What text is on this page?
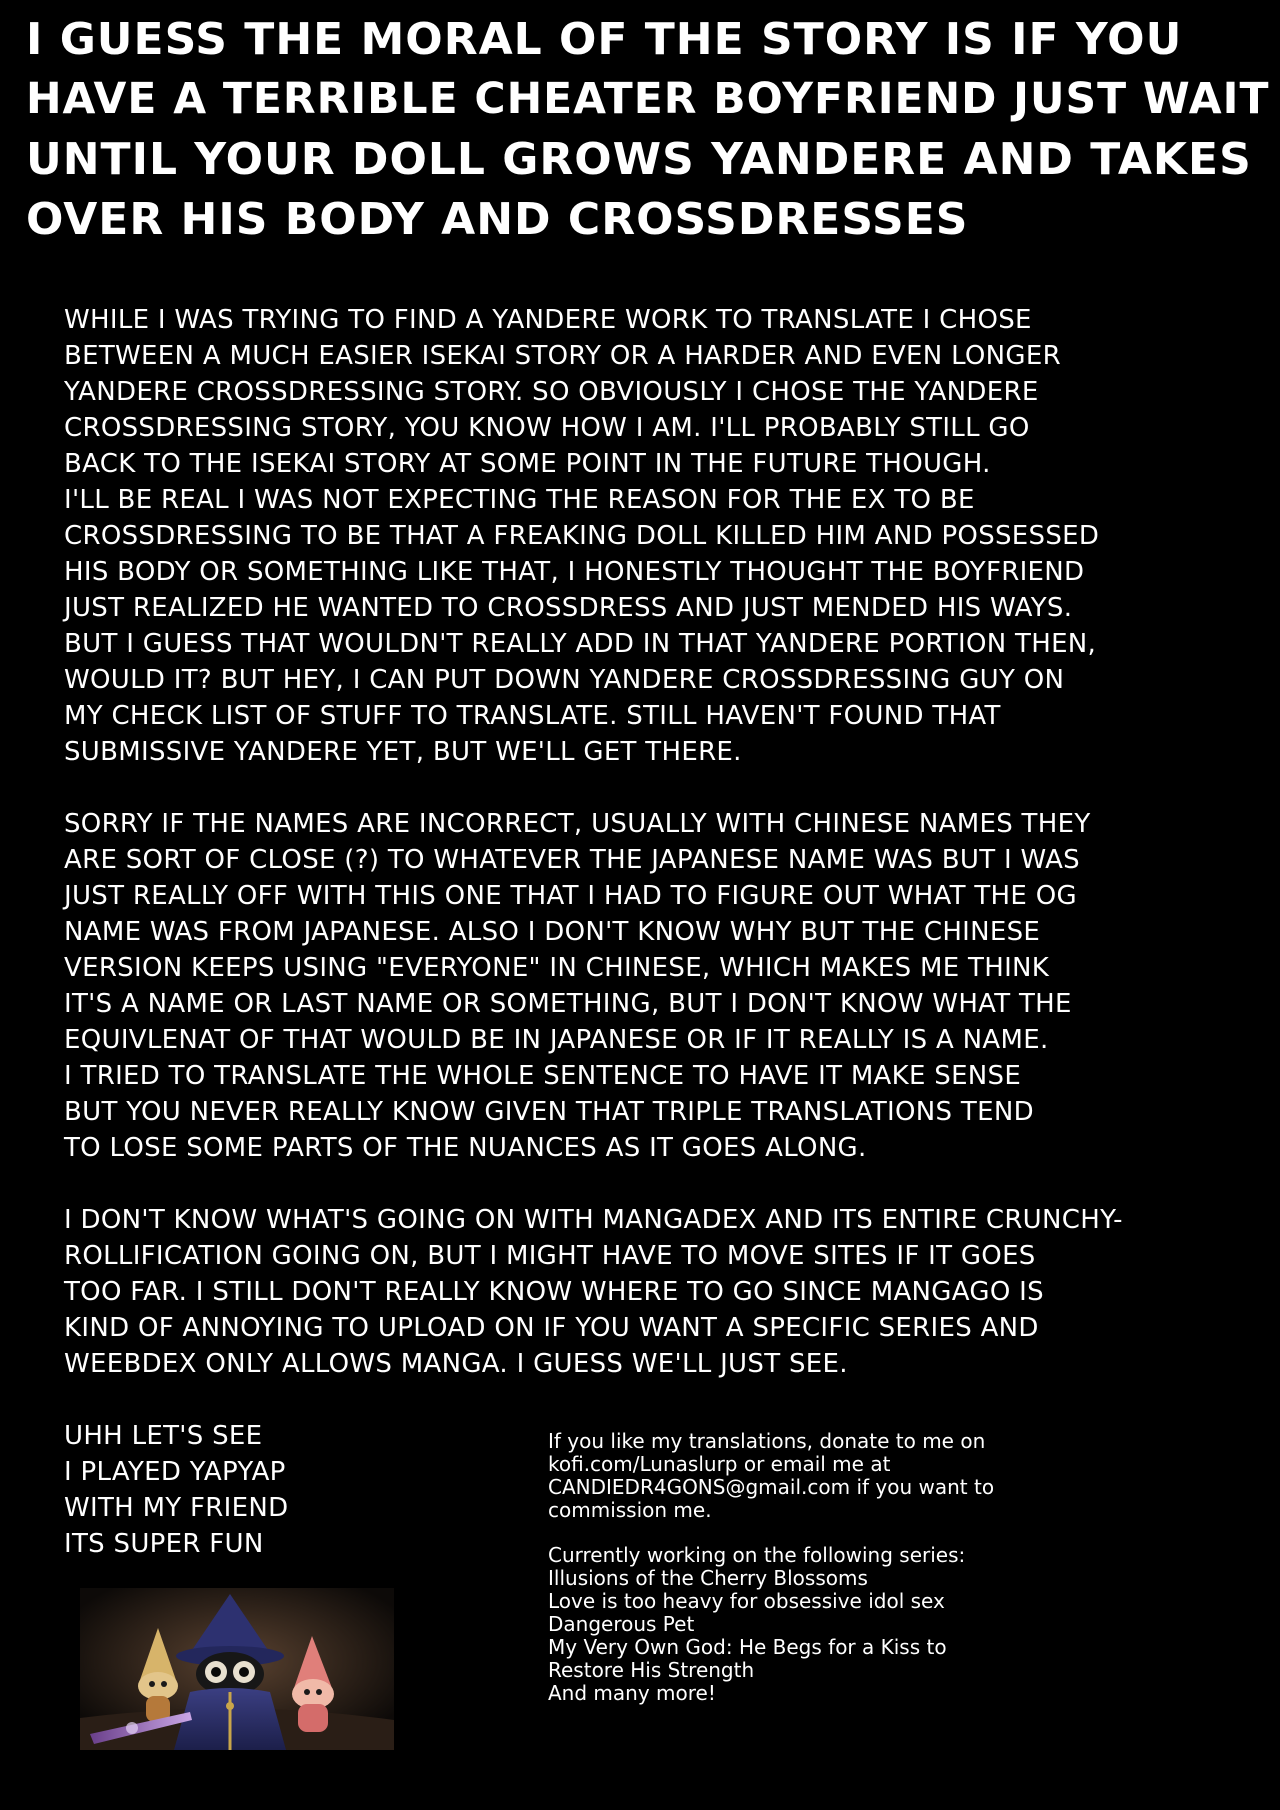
I GUESS THE MORAL OF THE STORY IS IF YOU
HAVE A TERRIBLE CHEATER BOYFRIEND JUST WAIT
UNTIL YOUR DOLL GROWS YANDERE AND TAKES
OVER HIS BODY AND CROSSDRESSES

WHILE I WAS TRYING TO FIND A YANDERE WORK TO TRANSLATE I CHOSE
BETWEEN A MUCH EASIER ISEKAI STORY OR A HARDER AND EVEN LONGER
YANDERE CROSSDRESSING STORY. SO OBVIOUSLY I CHOSE THE YANDERE
CROSSDRESSING STORY, YOU KNOW HOW I AM. I'LL PROBABLY STILL GO
BACK TO THE ISEKAI STORY AT SOME POINT IN THE FUTURE THOUGH.
I'LL BE REAL I WAS NOT EXPECTING THE REASON FOR THE EX TO BE
CROSSDRESSING TO BE THAT A FREAKING DOLL KILLED HIM AND POSSESSED
HIS BODY OR SOMETHING LIKE THAT, I HONESTLY THOUGHT THE BOYFRIEND
JUST REALIZED HE WANTED TO CROSSDRESS AND JUST MENDED HIS WAYS.
BUT I GUESS THAT WOULDN'T REALLY ADD IN THAT YANDERE PORTION THEN,
WOULD IT? BUT HEY, I CAN PUT DOWN YANDERE CROSSDRESSING GUY ON
MY CHECK LIST OF STUFF TO TRANSLATE. STILL HAVEN'T FOUND THAT
SUBMISSIVE YANDERE YET, BUT WE'LL GET THERE.

SORRY IF THE NAMES ARE INCORRECT, USUALLY WITH CHINESE NAMES THEY
ARE SORT OF CLOSE (?) TO WHATEVER THE JAPANESE NAME WAS BUT I WAS
JUST REALLY OFF WITH THIS ONE THAT I HAD TO FIGURE OUT WHAT THE OG
NAME WAS FROM JAPANESE. ALSO I DON'T KNOW WHY BUT THE CHINESE
VERSION KEEPS USING "EVERYONE" IN CHINESE, WHICH MAKES ME THINK
IT'S A NAME OR LAST NAME OR SOMETHING, BUT I DON'T KNOW WHAT THE
EQUIVLENAT OF THAT WOULD BE IN JAPANESE OR IF IT REALLY IS A NAME.
I TRIED TO TRANSLATE THE WHOLE SENTENCE TO HAVE IT MAKE SENSE
BUT YOU NEVER REALLY KNOW GIVEN THAT TRIPLE TRANSLATIONS TEND
TO LOSE SOME PARTS OF THE NUANCES AS IT GOES ALONG.

I DON'T KNOW WHAT'S GOING ON WITH MANGADEX AND ITS ENTIRE CRUNCHY-
ROLLIFICATION GOING ON, BUT I MIGHT HAVE TO MOVE SITES IF IT GOES
TOO FAR. I STILL DON'T REALLY KNOW WHERE TO GO SINCE MANGAGO IS
KIND OF ANNOYING TO UPLOAD ON IF YOU WANT A SPECIFIC SERIES AND
WEEBDEX ONLY ALLOWS MANGA. I GUESS WE'LL JUST SEE.

UHH LET'S SEE
I PLAYED YAPYAP
WITH MY FRIEND
ITS SUPER FUN

If you like my translations, donate to me on
kofi.com/Lunaslurp or email me at
CANDIEDR4GONS@gmail.com if you want to
commission me.
Currently working on the following series:
Illusions of the Cherry Blossoms
Love is too heavy for obsessive idol sex
Dangerous Pet
My Very Own God: He Begs for a Kiss to
Restore His Strength
And many more!
